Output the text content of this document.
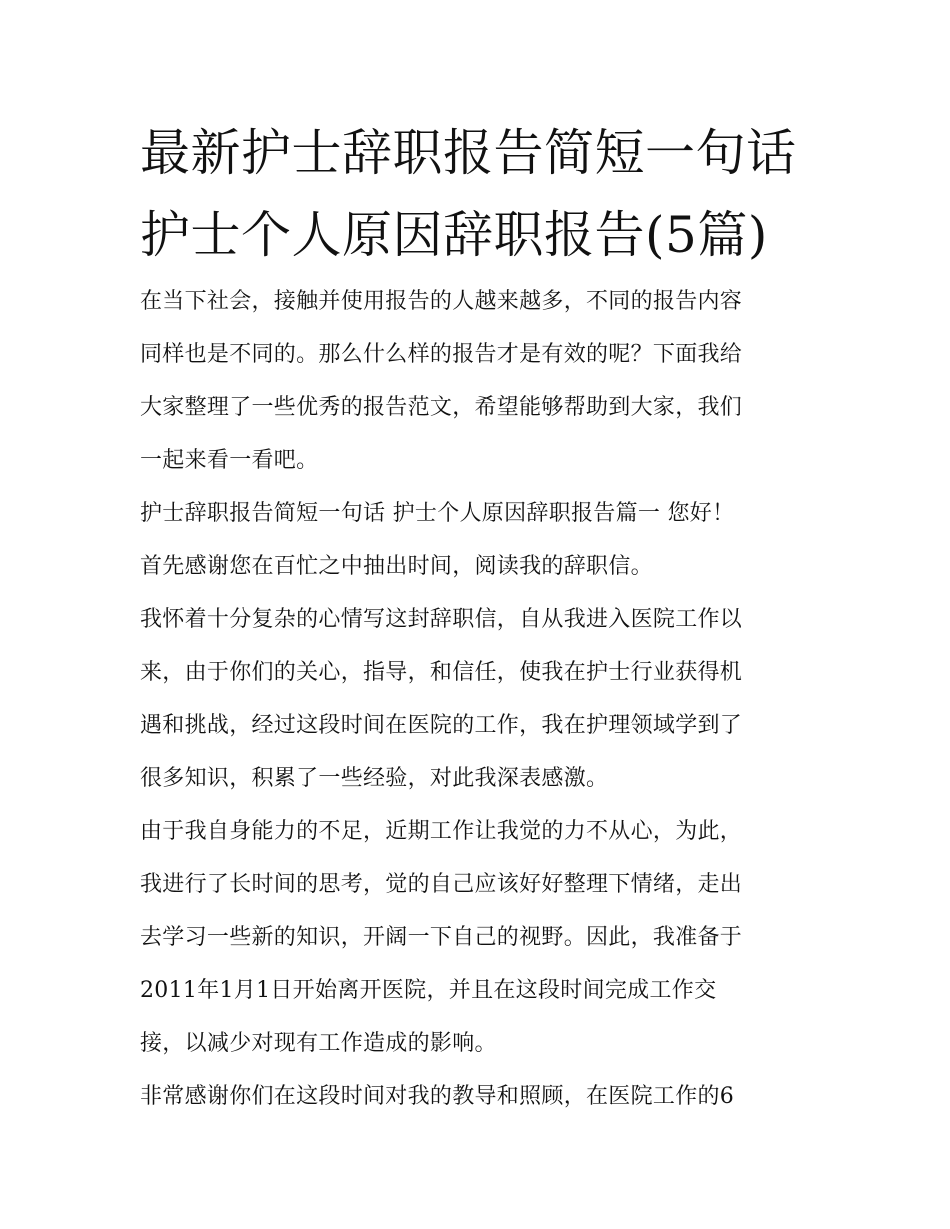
最新护士辞职报告简短一句话
护士个人原因辞职报告(5篇)
在当下社会，接触并使用报告的人越来越多，不同的报告内容
同样也是不同的。那么什么样的报告才是有效的呢？下面我给
大家整理了一些优秀的报告范文，希望能够帮助到大家，我们
一起来看一看吧。
护士辞职报告简短一句话 护士个人原因辞职报告篇一 您好！
首先感谢您在百忙之中抽出时间，阅读我的辞职信。
我怀着十分复杂的心情写这封辞职信，自从我进入医院工作以
来，由于你们的关心，指导，和信任，使我在护士行业获得机
遇和挑战，经过这段时间在医院的工作，我在护理领域学到了
很多知识，积累了一些经验，对此我深表感激。
由于我自身能力的不足，近期工作让我觉的力不从心，为此，
我进行了长时间的思考，觉的自己应该好好整理下情绪，走出
去学习一些新的知识，开阔一下自己的视野。因此，我准备于
2011年1月1日开始离开医院，并且在这段时间完成工作交
接，以减少对现有工作造成的影响。
非常感谢你们在这段时间对我的教导和照顾，在医院工作的6
